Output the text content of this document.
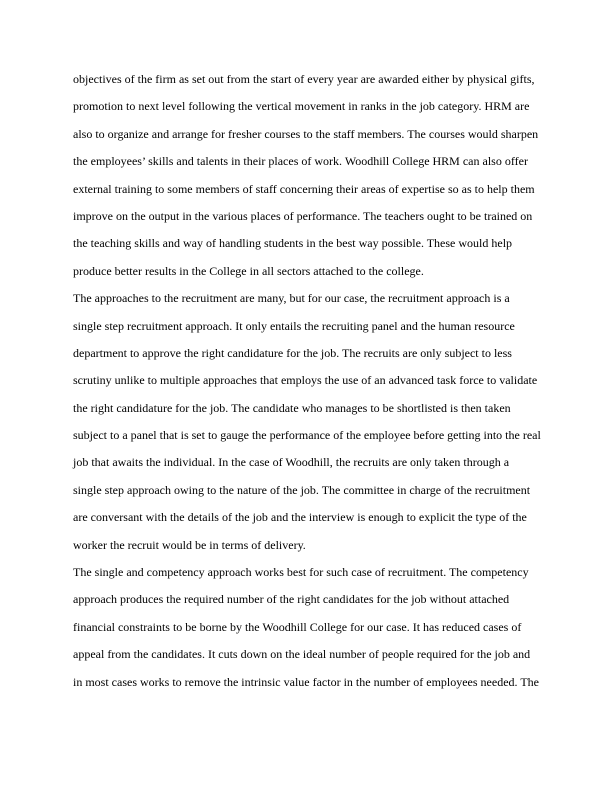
objectives of the firm as set out from the start of every year are awarded either by physical gifts,
promotion to next level following the vertical movement in ranks in the job category. HRM are
also to organize and arrange for fresher courses to the staff members. The courses would sharpen
the employees’ skills and talents in their places of work. Woodhill College HRM can also offer
external training to some members of staff concerning their areas of expertise so as to help them
improve on the output in the various places of performance. The teachers ought to be trained on
the teaching skills and way of handling students in the best way possible. These would help
produce better results in the College in all sectors attached to the college.
The approaches to the recruitment are many, but for our case, the recruitment approach is a
single step recruitment approach. It only entails the recruiting panel and the human resource
department to approve the right candidature for the job. The recruits are only subject to less
scrutiny unlike to multiple approaches that employs the use of an advanced task force to validate
the right candidature for the job. The candidate who manages to be shortlisted is then taken
subject to a panel that is set to gauge the performance of the employee before getting into the real
job that awaits the individual. In the case of Woodhill, the recruits are only taken through a
single step approach owing to the nature of the job. The committee in charge of the recruitment
are conversant with the details of the job and the interview is enough to explicit the type of the
worker the recruit would be in terms of delivery.
The single and competency approach works best for such case of recruitment. The competency
approach produces the required number of the right candidates for the job without attached
financial constraints to be borne by the Woodhill College for our case. It has reduced cases of
appeal from the candidates. It cuts down on the ideal number of people required for the job and
in most cases works to remove the intrinsic value factor in the number of employees needed. The
